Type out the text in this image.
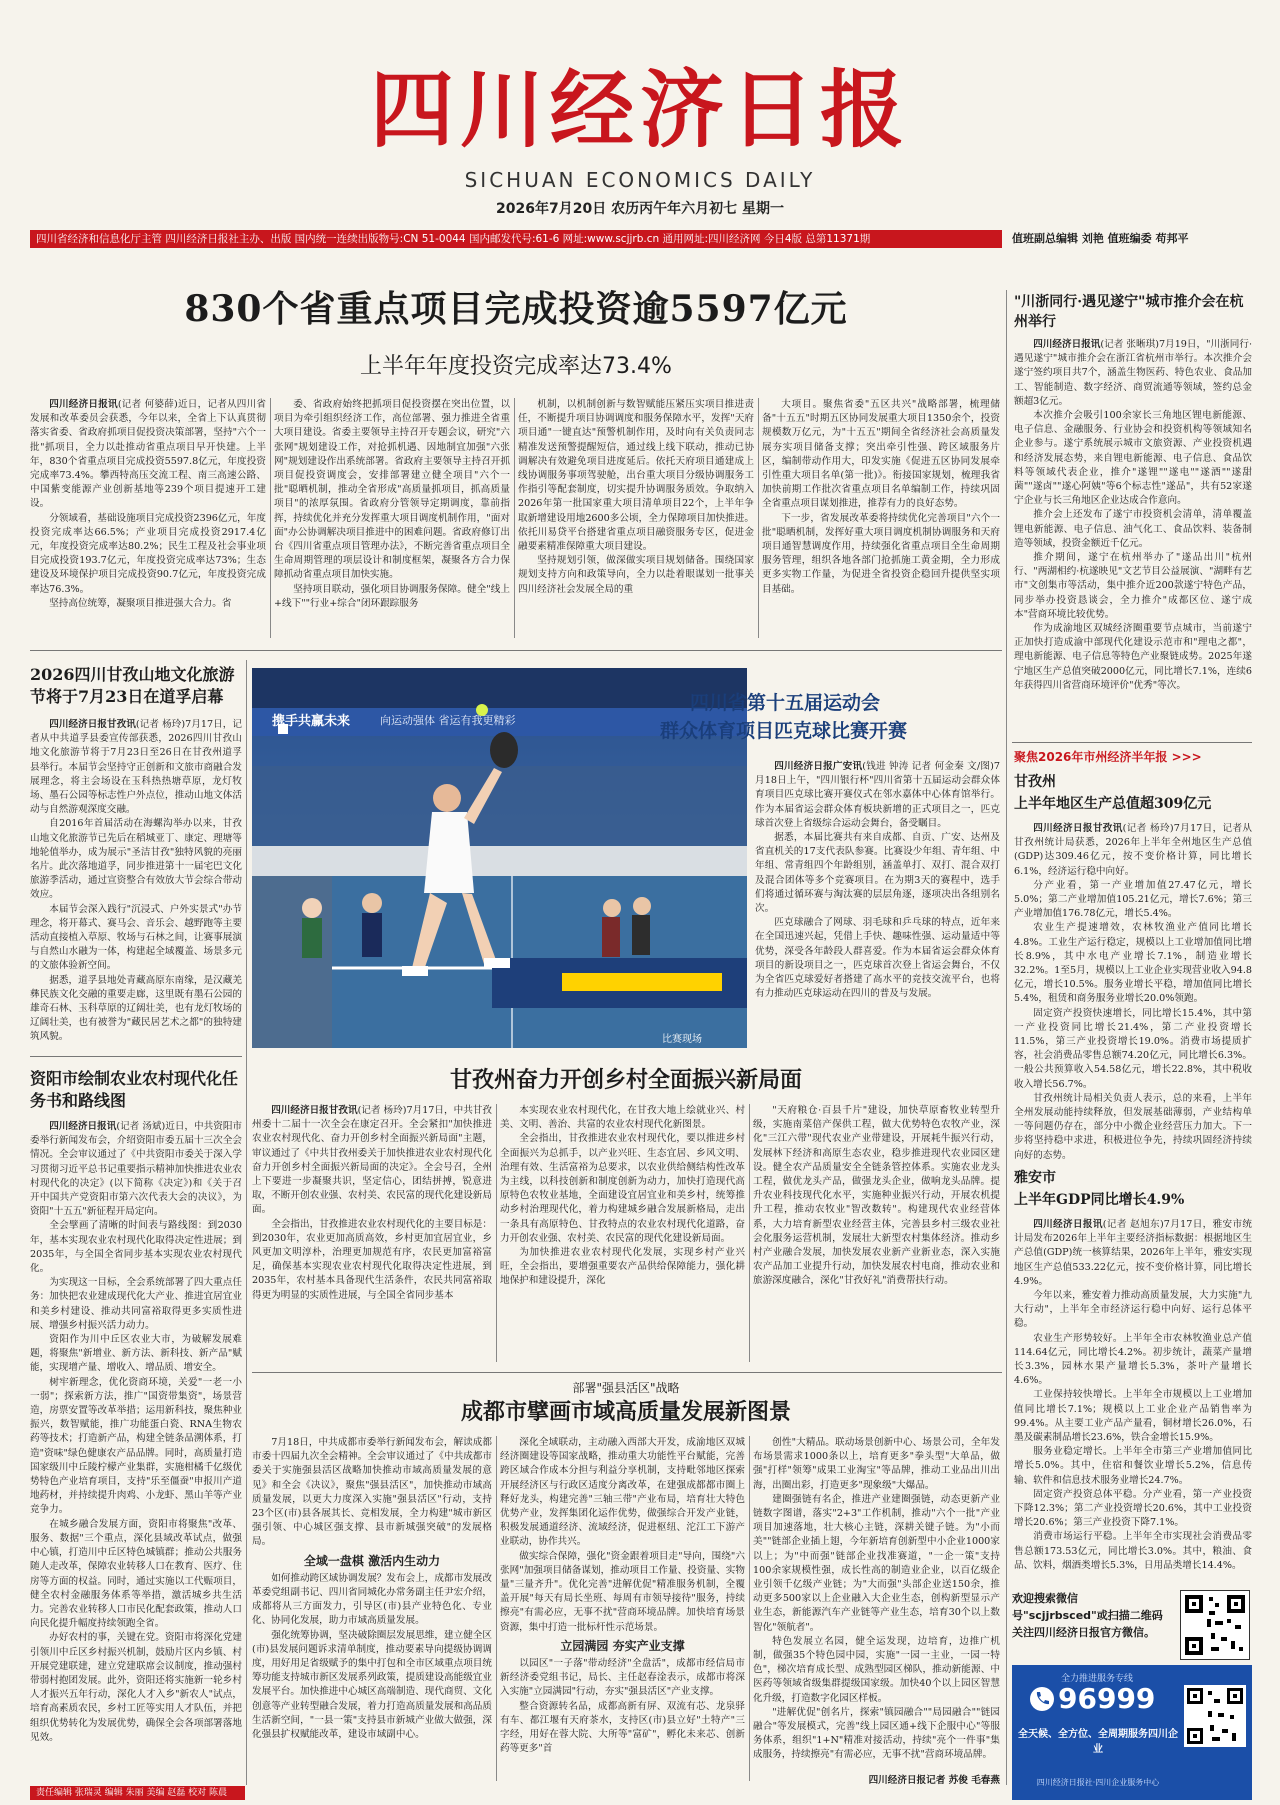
四川经济日报
SICHUAN ECONOMICS DAILY
2026年7月20日 农历丙午年六月初七 星期一
四川省经济和信息化厅主管 四川经济日报社主办、出版 国内统一连续出版物号:CN 51-0044 国内邮发代号:61-6 网址:www.scjjrb.cn 通用网址:四川经济网 今日4版 总第11371期	值班副总编辑 刘艳 值班编委 苟邦平
830个省重点项目完成投资逾5597亿元
上半年年度投资完成率达73.4%

四川经济日报讯(记者 何婆薛)近日，记者从四川省发展和改革委员会获悉，今年以来，全省上下认真贯彻落实省委、省政府抓项目促投资决策部署，坚持"六个一批"抓项目，全力以赴推动省重点项目早开快建。上半年，830个省重点项目完成投资5597.8亿元，年度投资完成率73.4%。攀西特高压交流工程、南三高速公路、中国紫变能源产业创新基地等239个项目提速开工建设。

分领域看，基础设施项目完成投资2396亿元，年度投资完成率达66.5%；产业项目完成投资2917.4亿元，年度投资完成率达80.2%；民生工程及社会事业项目完成投资193.7亿元，年度投资完成率达73%；生态建设及环境保护项目完成投资90.7亿元，年度投资完成率达76.3%。

坚持高位统筹，凝聚项目推进强大合力。省

委、省政府始终把抓项目促投资摆在突出位置，以项目为牵引组织经济工作，高位部署、强力推进全省重大项目建设。省委主要领导主持召开专题会议，研究"六张网"规划建设工作，对抢抓机遇、因地制宜加强"六张网"规划建设作出系统部署。省政府主要领导主持召开抓项目促投资调度会，安排部署建立健全项目"六个一批"聪晒机制，推动全省形成"高质量抓项目，抓高质量项目"的浓厚氛围。省政府分管领导定期调度，靠前指挥，持续优化并充分发挥重大项目调度机制作用，"面对面"办公协调解决项目推进中的困难问题。省政府修订出台《四川省重点项目管理办法》，不断完善省重点项目全生命周期管理的项层设计和制度框架，凝聚各方合力保障抓动省重点项目加快实施。

坚持项目联动，强化项目协调服务保障。健全"线上+线下""行业+综合"闭环跟踪服务

机制，以机制创新与数智赋能压紧压实项目推进责任，不断提升项目协调调度和服务保障水平，发挥"天府项目通"一键直达"预警机制作用，及时向有关负责同志精准发送预警提醒短信，通过线上线下联动，推动已协调解决有效避免项目进度延后。依托天府项目通建成上线协调服务事项驾驶舱，出台重大项目分级协调服务工作指引等配套制度，切实提升协调服务质效。争取纳入2026年第一批国家重大项目清单项目22个，上半年争取新增建设用地2600多公顷，全力保障项目加快推进。依托川易贷平台搭建省重点项目融资服务专区，促进金融要素精准保障重大项目建设。

坚持规划引领，做深做实项目规划储备。围绕国家规划支持方向和政策导向，全力以赴着眼谋划一批事关四川经济社会发展全局的重

大项目。聚焦省委"五区共兴"战略部署，梳理储备"十五五"时期五区协同发展重大项目1350余个，投资规模数万亿元，为"十五五"期间全省经济社会高质量发展夯实项目储备支撑；突出牵引性强、跨区域服务片区，编制带动作用大，印发实施《促进五区协同发展牵引性重大项目名单(第一批)》。衔接国家规划，梳理我省加快前期工作批次省重点项目名单编制工作，持续巩固全省重点项目谋划推进，推荐有力的良好态势。

下一步，省发展改革委将持续优化完善项目"六个一批"聪晒机制，发挥好重大项目调度机制协调服务和天府项目通智慧调度作用，持续强化省重点项目全生命周期服务管理，组织各地各部门抢抓施工黄金期，全力形成更多实物工作量，为促进全省投资企稳回升提供坚实项目基础。

2026四川甘孜山地文化旅游节将于7月23日在道孚启幕

四川经济日报甘孜讯(记者 杨玲)7月17日，记者从中共道孚县委宣传部获悉，2026四川甘孜山地文化旅游节将于7月23日至26日在甘孜州道孚县举行。本届节会坚持守正创新和文旅市商融合发展理念，将主会场设在玉科热热塘草原，龙灯牧场、墨石公园等标志性户外点位，推动山地文体活动与自然游观深度交融。

自2016年首届活动在海螺沟举办以来，甘孜山地文化旅游节已先后在稻城亚丁、康定、理塘等地轮值举办，成为展示"圣洁甘孜"独特风貌的亮丽名片。此次落地道孚，同步推进第十一届宅巴文化旅游季活动，通过宣资整合有效放大节会综合带动效应。

本届节会深入践行"沉浸式、户外实景式"办节理念，将开幕式、赛马会、音乐会、越野跑等主要活动直接植入草原、牧场与石林之间，让赛事展演与自然山水融为一体，构建起全域覆盖、场景多元的文旅体验新空间。

据悉，道孚县地处青藏高原东南缘，是汉藏羌彝民族文化交融的重要走廊，这里既有墨石公园的雄奇石林、玉科草原的辽阔壮美，也有龙灯牧场的辽阔壮美，也有被誉为"藏民居艺术之都"的独特建筑风貌。

携手共赢未来	向运动强体 省运有我更精彩
比赛现场
四川省第十五届运动会
群众体育项目匹克球比赛开赛

四川经济日报广安讯(钱进 钟涛 记者 何金秦 文/图)7月18日上午，"四川银行杯"四川省第十五届运动会群众体育项目匹克球比赛开赛仪式在邻水嘉体中心体育馆举行。作为本届省运会群众体育板块新增的正式项目之一，匹克球首次登上省级综合运动会舞台，备受瞩目。

据悉，本届比赛共有来自成都、自贡、广安、达州及省直机关的17支代表队参赛。比赛设少年组、青年组、中年组、常青组四个年龄组别，涵盖单打、双打、混合双打及混合团体等多个竞赛项目。在为期3天的赛程中，选手们将通过循环赛与淘汰赛的层层角逐，逐项决出各组别名次。

匹克球融合了网球、羽毛球和乒乓球的特点，近年来在全国迅速兴起，凭借上手快、趣味性强、运动量适中等优势，深受各年龄段人群喜爱。作为本届省运会群众体育项目的新设项目之一，匹克球首次登上省运会舞台，不仅为全省匹克球爱好者搭建了高水平的竞技交流平台，也将有力推动匹克球运动在四川的普及与发展。

资阳市绘制农业农村现代化任务书和路线图

四川经济日报讯(记者 汤斌)近日，中共资阳市委举行新闻发布会，介绍资阳市委五届十三次全会情况。全会审议通过了《中共资阳市委关于深入学习贯彻习近平总书记重要指示精神加快推进农业农村现代化的决定》(以下简称《决定》)和《关于召开中国共产党资阳市第六次代表大会的决议》，为资阳"十五五"新征程开局定向。

全会擘画了清晰的时间表与路线图：到2030年，基本实现农业农村现代化取得决定性进展；到2035年，与全国全省同步基本实现农业农村现代化。

为实现这一目标，全会系统部署了四大重点任务：加快把农业建成现代化大产业、推进宜居宜业和美乡村建设、推动共同富裕取得更多实质性进展、增强乡村振兴活力动力。

资阳作为川中丘区农业大市，为破解发展难题，将聚焦"新增业、新方法、新科技、新产品"赋能，实现增产量、增收入、增品质、增安全。

树牢新理念，优化资商环境，关爱"一老一小一弱"；探索新方法，推广"国资带集资"，场景营造，房票安置等改革举措；运用新科技，聚焦种业振兴，数智赋能，推广功能蛋白瓷、RNA生物农药等技术；打造新产品，构建全链条品溯体系，打造"资味"绿色健康农产品品牌。同时，高质量打造国家级川中丘陵柠檬产业集群，实施柑橘千亿级优势特色产业培育项目，支持"乐至僵蚕"申报川产道地药材，并持续提升肉鸡、小龙虾、黑山羊等产业竞争力。

在城乡融合发展方面，资阳市将聚焦"改革、服务、数据"三个重点，深化县域改革试点，做强中心镇，打造川中丘区特色城镇群；推动公共服务随人走改革，保障农业转移人口在教育、医疗、住房等方面的权益。同时，通过实施以工代赈项目，健全农村金融服务体系等举措，激活城乡共生活力。完善农业转移人口市民化配套政策，推动人口向民化提升幅度持续领跑全省。

办好农村的事，关键在党。资阳市将深化党建引领川中丘区乡村振兴机制，鼓励片区内乡镇、村开展党建联建，建立党建联席会议制度，推动强村带弱村抱团发展。此外，资阳还将实施新一轮乡村人才振兴五年行动，深化人才入乡"新农人"试点，培育高素质农民，乡村工匠等实用人才队伍，并把组织优势转化为发展优势，确保全会各项部署落地见效。

甘孜州奋力开创乡村全面振兴新局面

四川经济日报甘孜讯(记者 杨玲)7月17日，中共甘孜州委十二届十一次全会在康定召开。全会紧扣"加快推进农业农村现代化、奋力开创乡村全面振兴新局面"主题，审议通过了《中共甘孜州委关于加快推进农业农村现代化奋力开创乡村全面振兴新局面的决定》。全会号召，全州上下要进一步凝聚共识，坚定信心，团结拼搏，锐意进取，不断开创农业强、农村美、农民富的现代化建设新局面。

全会指出，甘孜推进农业农村现代化的主要目标是：到2030年，农业更加高质高效，乡村更加宜居宜业，乡风更加文明淳朴，治理更加规范有序，农民更加富裕富足，确保基本实现农业农村现代化取得决定性进展，到2035年，农村基本具备现代生活条件，农民共同富裕取得更为明显的实质性进展，与全国全省同步基本

本实现农业农村现代化，在甘孜大地上绘就业兴、村美、文明、善治、共富的农业农村现代化新图景。

全会指出，甘孜推进农业农村现代化，要以推进乡村全面振兴为总抓手，以产业兴旺、生态宜居、乡风文明、治理有效、生活富裕为总要求，以农业供给侧结构性改革为主线，以科技创新和制度创新为动力，加快打造现代高原特色农牧业基地，全面建设宜居宜业和美乡村，统筹推动乡村治理现代化，着力构建城乡融合发展新格局，走出一条具有高原特色、甘孜特点的农业农村现代化道路，奋力开创农业强、农村美、农民富的现代化建设新局面。

为加快推进农业农村现代化发展，实现乡村产业兴旺，全会指出，要增强重要农产品供给保障能力，强化耕地保护和建设提升，深化

"天府粮仓·百县千片"建设，加快草原畜牧业转型升级，实施南菜倍产保供工程，做大优势特色农牧产业，深化"三江六带"现代农业产业带建设，开展耗牛振兴行动，发展林下经济和高原生态农业，稳步推进现代农业园区建设。健全农产品质量安全全链条管控体系。实施农业龙头工程，做优龙头产品，做强龙头企业，做响龙头品牌。提升农业科技现代化水平，实施种业振兴行动，开展农机提升工程，推动农牧业"智改数转"。构建现代农业经营体系，大力培育新型农业经营主体，完善县乡村三级农业社会化服务运营机制，发展壮大新型农村集体经济。推动乡村产业融合发展，加快发展农业新产业新业态，深入实施农产品加工业提升行动，加快发展农村电商，推动农业和旅游深度融合，深化"甘孜好礼"消费帮扶行动。

部署"强县活区"战略
成都市擘画市域高质量发展新图景

7月18日，中共成都市委举行新闻发布会，解读成都市委十四届九次全会精神。全会审议通过了《中共成都市委关于实施强县活区战略加快推动市域高质量发展的意见》和全会《决议》，聚焦"强县活区"，加快推动市域高质量发展，以更大力度深入实施"强县活区"行动，支持23个区(市)县各展其长、竞相发展，全力构建"城市新区强引领、中心城区强支撑、县市新城强突破"的发展格局。

全域一盘棋 激活内生动力

如何推动跨区域协调发展？发布会上，成都市发展改革委党组副书记、四川省同城化办常务副主任尹宏介绍，成都将从三方面发力，引导区(市)县产业特色化、专业化、协同化发展，助力市域高质量发展。

强化统筹协调，坚决破除圈层发展思维，建立健全区(市)县发展问题诉求清单制度，推动要素导向提级协调调度，用好用足省级赋予的集中打包和全市区域重点项目统筹功能支持城市新区发展系列政策，提质建设高能级宜业发展平台。加快推进中心城区高端制造、现代商贸、文化创意等产业转型融合发展，着力打造高质量发展和高品质生活新空间，"一县一策"支持县市新城产业做大做强，深化强县扩权赋能改革，建设市域副中心。

深化全域联动，主动融入西部大开发，成渝地区双城经济圈建设等国家战略，推动重大功能性平台赋能，完善跨区域合作成本分担与利益分享机制，支持毗邻地区探索开展经济区与行政区适度分离改革，在建强成都都市圈上释好龙头，构建完善"三轴三带"产业布局，培育壮大特色优势产业，发挥集团化运作优势，做强综合开发产业链，积极发展通道经济、流域经济，促进枢纽、沱江工下游产业联动，协作共兴。

做实综合保障，强化"资金跟着项目走"导向，围绕"六张网"加强项目储备谋划，推动项目工作量、投资量、实物量"三量齐升"。优化完善"进解优促"精准服务机制，全覆盖开展"每天有局长坐班、每周有市领导接待"服务，持续擦亮"有需必应，无事不扰"营商环境品牌。加快培育场景资源，集中打造一批标杆性示范场景。

立园满园 夯实产业支撑

以园区"一子落"带动经济"全盘活"，成都市经信局市新经济委党组书记，局长、主任赵春淦表示，成都市将深入实施"立园满园"行动，夯实"强县活区"产业支撑。

整合资源转名品，成都高新有屏、双流有芯、龙泉驿有车、都江堰有天府茶水，支持区(市)县立好"土特产"三字经，用好在蓉大院、大所等"富矿"，孵化未来芯、创新药等更多"首

创性"大精品。联动场景创新中心、场景公司，全年发布场景需求1000条以上，培育更多"拳头型"大单品，做强"打样"领筹"成果工业淘宝"等品牌，推动工业品出川出海，出圈出彩，打造更多"现象级"大爆品。

建圈强链有名企，推进产业建圈强链，动态更新产业链数字图谱，落实"2+3"工作机制，推动"六个一批"产业项目加速落地，壮大核心主链，深耕关键子链。为"小而美""链部企业插上翅，今年新培育创新型中小企业1000家以上；为"中而强"链部企业找准赛道，"一企一策"支持100余家规模性强，成长性高的制造业企业，以百亿级企业引领千亿级产业链；为"大而强"头部企业送150余，推动更多500家以上企业融入大企业生态，创构新型显示产业生态，新能源汽车产业链等产业生态，培育30个以上数智化"领航者"。

特色发展立名园，健全运发现，边培育，边推广机制，做强35个特色园中园，实施"一园一主业，一园一特色"，梯次培育成长型、成熟型园区梯队，推动新能源、中医药等领域省级集群提级国家级。加快40个以上园区智慧化升级，打造数字化园区样板。

"进解优促"创名片，探索"镇园融合""局园融合""链园融合"等发展模式，完善"线上园区通+线下企服中心"等服务体系，组织"1+N"精准对接活动，持续"亮个一件事"集成服务，持续擦亮"有需必应，无事不扰"营商环境品牌。

四川经济日报记者 苏俊 毛春燕
"川浙同行·遇见遂宁"城市推介会在杭州举行

四川经济日报讯(记者 张晰琪)7月19日，"川浙同行·遇见遂宁"城市推介会在浙江省杭州市举行。本次推介会遂宁签约项目共7个，涵盖生物医药、特色农业、食品加工、智能制造、数字经济、商贸流通等领域，签约总金额超3亿元。

本次推介会吸引100余家长三角地区锂电新能源、电子信息、金融服务、行业协会和投资机构等领域知名企业参与。遂宁系统展示城市文旅资源、产业投资机遇和经济发展态势，来自锂电新能源、电子信息、食品饮料等领域代表企业，推介"遂锂""遂电""遂酒""遂甜菌""遂卤""遂心阿姨"等6个标志性"遂品"，共有52家遂宁企业与长三角地区企业达成合作意向。

推介会上还发布了遂宁市投资机会清单，清单覆盖锂电新能源、电子信息、油气化工、食品饮料、装备制造等领域，投资金额近千亿元。

推介期间，遂宁在杭州举办了"遂品出川"杭州行、"两湖相约·杭遂映见"文艺节目公益展演、"湖畔有艺市"文创集市等活动，集中推介近200款遂宁特色产品，同步举办投资恳谈会，全力推介"成都区位、遂宁成本"营商环境比较优势。

作为成渝地区双城经济圈重要节点城市，当前遂宁正加快打造成渝中部现代化建设示范市和"理电之都"，理电新能源、电子信息等特色产业聚链成势。2025年遂宁地区生产总值突破2000亿元，同比增长7.1%，连续6年获得四川省营商环境评价"优秀"等次。

聚焦2026年市州经济半年报 >>>
甘孜州
上半年地区生产总值超309亿元

四川经济日报甘孜讯(记者 杨玲)7月17日，记者从甘孜州统计局获悉，2026年上半年全州地区生产总值(GDP)达309.46亿元，按不变价格计算，同比增长6.1%，经济运行稳中向好。

分产业看，第一产业增加值27.47亿元，增长5.0%；第二产业增加值105.21亿元，增长7.6%；第三产业增加值176.78亿元，增长5.4%。

农业生产提速增效，农林牧渔业产值同比增长4.8%。工业生产运行稳定，规模以上工业增加值同比增长8.9%，其中水电产业增长7.1%，制造业增长32.2%。1至5月，规模以上工业企业实现营业收入94.8亿元，增长10.5%。服务业增长平稳，增加值同比增长5.4%，租赁和商务服务业增长20.0%领跑。

固定资产投资快速增长，同比增长15.4%，其中第一产业投资同比增长21.4%，第二产业投资增长11.5%，第三产业投资增长19.0%。消费市场提质扩容，社会消费品零售总额74.20亿元，同比增长6.3%。一般公共预算收入54.58亿元，增长22.8%，其中税收收入增长56.7%。

甘孜州统计局相关负责人表示，总的来看，上半年全州发展动能持续释放，但发展基础薄弱，产业结构单一等问题仍存在，部分中小微企业经营压力加大。下一步将坚持稳中求进，积极进位争先，持续巩固经济持续向好的态势。

雅安市
上半年GDP同比增长4.9%

四川经济日报讯(记者 赵旭东)7月17日，雅安市统计局发布2026年上半年主要经济指标数据：根据地区生产总值(GDP)统一核算结果，2026年上半年，雅安实现地区生产总值533.22亿元，按不变价格计算，同比增长4.9%。

今年以来，雅安着力推动高质量发展，大力实施"九大行动"，上半年全市经济运行稳中向好、运行总体平稳。

农业生产形势较好。上半年全市农林牧渔业总产值114.64亿元，同比增长4.2%。初步统计，蔬菜产量增长3.3%，园林水果产量增长5.3%，茶叶产量增长4.6%。

工业保持较快增长。上半年全市规模以上工业增加值同比增长7.1%；规模以上工业企业产品销售率为99.4%。从主要工业产品产量看，铜材增长26.0%，石墨及碳素制品增长23.6%，铁合金增长15.9%。

服务业稳定增长。上半年全市第三产业增加值同比增长5.0%。其中，住宿和餐饮业增长5.2%，信息传输、软件和信息技术服务业增长24.7%。

固定资产投资总体平稳。分产业看，第一产业投资下降12.3%；第二产业投资增长20.6%，其中工业投资增长20.6%；第三产业投资下降7.1%。

消费市场运行平稳。上半年全市实现社会消费品零售总额173.53亿元，同比增长3.0%。其中，粮油、食品、饮料，烟酒类增长5.3%，日用品类增长14.4%。

欢迎搜索微信号"scjjrbsced"或扫描二维码关注四川经济日报官方微信。
全力推进服务专线
96999
全天候、全方位、全周期服务四川企业
四川经济日报社·四川企业服务中心
责任编辑 张瑞灵 编辑 朱丽 美编 赵磊 校对 陈晨
